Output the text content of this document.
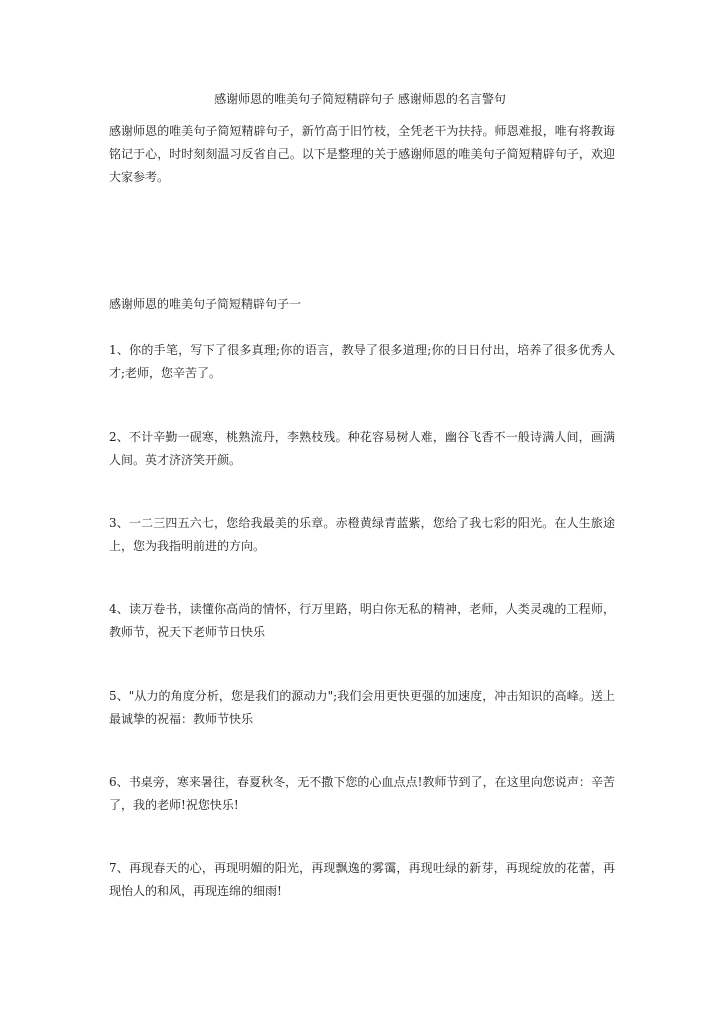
感谢师恩的唯美句子简短精辟句子 感谢师恩的名言警句

感谢师恩的唯美句子简短精辟句子，新竹高于旧竹枝，全凭老干为扶持。师恩难报，唯有将教诲铭记于心，时时刻刻温习反省自己。以下是整理的关于感谢师恩的唯美句子简短精辟句子，欢迎大家参考。

感谢师恩的唯美句子简短精辟句子一

1、你的手笔，写下了很多真理;你的语言，教导了很多道理;你的日日付出，培养了很多优秀人才;老师，您辛苦了。

2、不计辛勤一砚寒，桃熟流丹，李熟枝残。种花容易树人难，幽谷飞香不一般诗满人间，画满人间。英才济济笑开颜。

3、一二三四五六七，您给我最美的乐章。赤橙黄绿青蓝紫，您给了我七彩的阳光。在人生旅途上，您为我指明前进的方向。

4、读万卷书，读懂你高尚的情怀，行万里路，明白你无私的精神，老师，人类灵魂的工程师，教师节，祝天下老师节日快乐

5、"从力的角度分析，您是我们的源动力";我们会用更快更强的加速度，冲击知识的高峰。送上最诚挚的祝福：教师节快乐

6、书桌旁，寒来暑往，春夏秋冬，无不撒下您的心血点点!教师节到了，在这里向您说声：辛苦了，我的老师!祝您快乐!

7、再现春天的心，再现明媚的阳光，再现飘逸的雾霭，再现吐绿的新芽，再现绽放的花蕾，再现怡人的和风，再现连绵的细雨!
